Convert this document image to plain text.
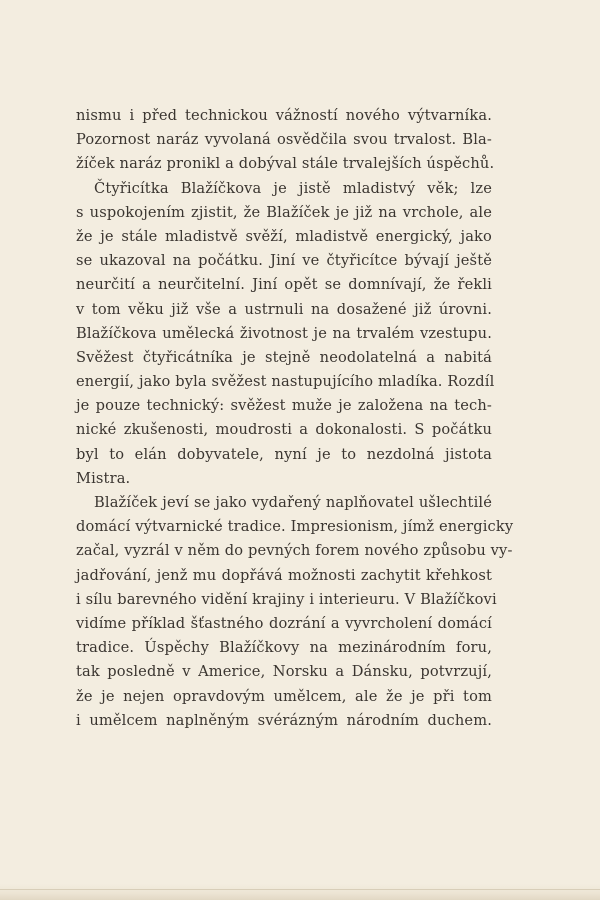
nismu i před technickou vážností nového výtvarníka.
Pozornost naráz vyvolaná osvědčila svou trvalost. Bla-
žíček naráz pronikl a dobýval stále trvalejších úspěchů.
Čtyřicítka Blažíčkova je jistě mladistvý věk; lze
s uspokojením zjistit, že Blažíček je již na vrchole, ale
že je stále mladistvě svěží, mladistvě energický, jako
se ukazoval na počátku. Jiní ve čtyřicítce bývají ještě
neurčití a neurčitelní. Jiní opět se domnívají, že řekli
v tom věku již vše a ustrnuli na dosažené již úrovni.
Blažíčkova umělecká životnost je na trvalém vzestupu.
Svěžest čtyřicátníka je stejně neodolatelná a nabitá
energií, jako byla svěžest nastupujícího mladíka. Rozdíl
je pouze technický: svěžest muže je založena na tech-
nické zkušenosti, moudrosti a dokonalosti. S počátku
byl to elán dobyvatele, nyní je to nezdolná jistota
Mistra.
Blažíček jeví se jako vydařený naplňovatel ušlechtilé
domácí výtvarnické tradice. Impresionism, jímž energicky
začal, vyzrál v něm do pevných forem nového způsobu vy-
jadřování, jenž mu dopřává možnosti zachytit křehkost
i sílu barevného vidění krajiny i interieuru. V Blažíčkovi
vidíme příklad šťastného dozrání a vyvrcholení domácí
tradice. Úspěchy Blažíčkovy na mezinárodním foru,
tak posledně v Americe, Norsku a Dánsku, potvrzují,
že je nejen opravdovým umělcem, ale že je při tom
i umělcem naplněným svérázným národním duchem.
